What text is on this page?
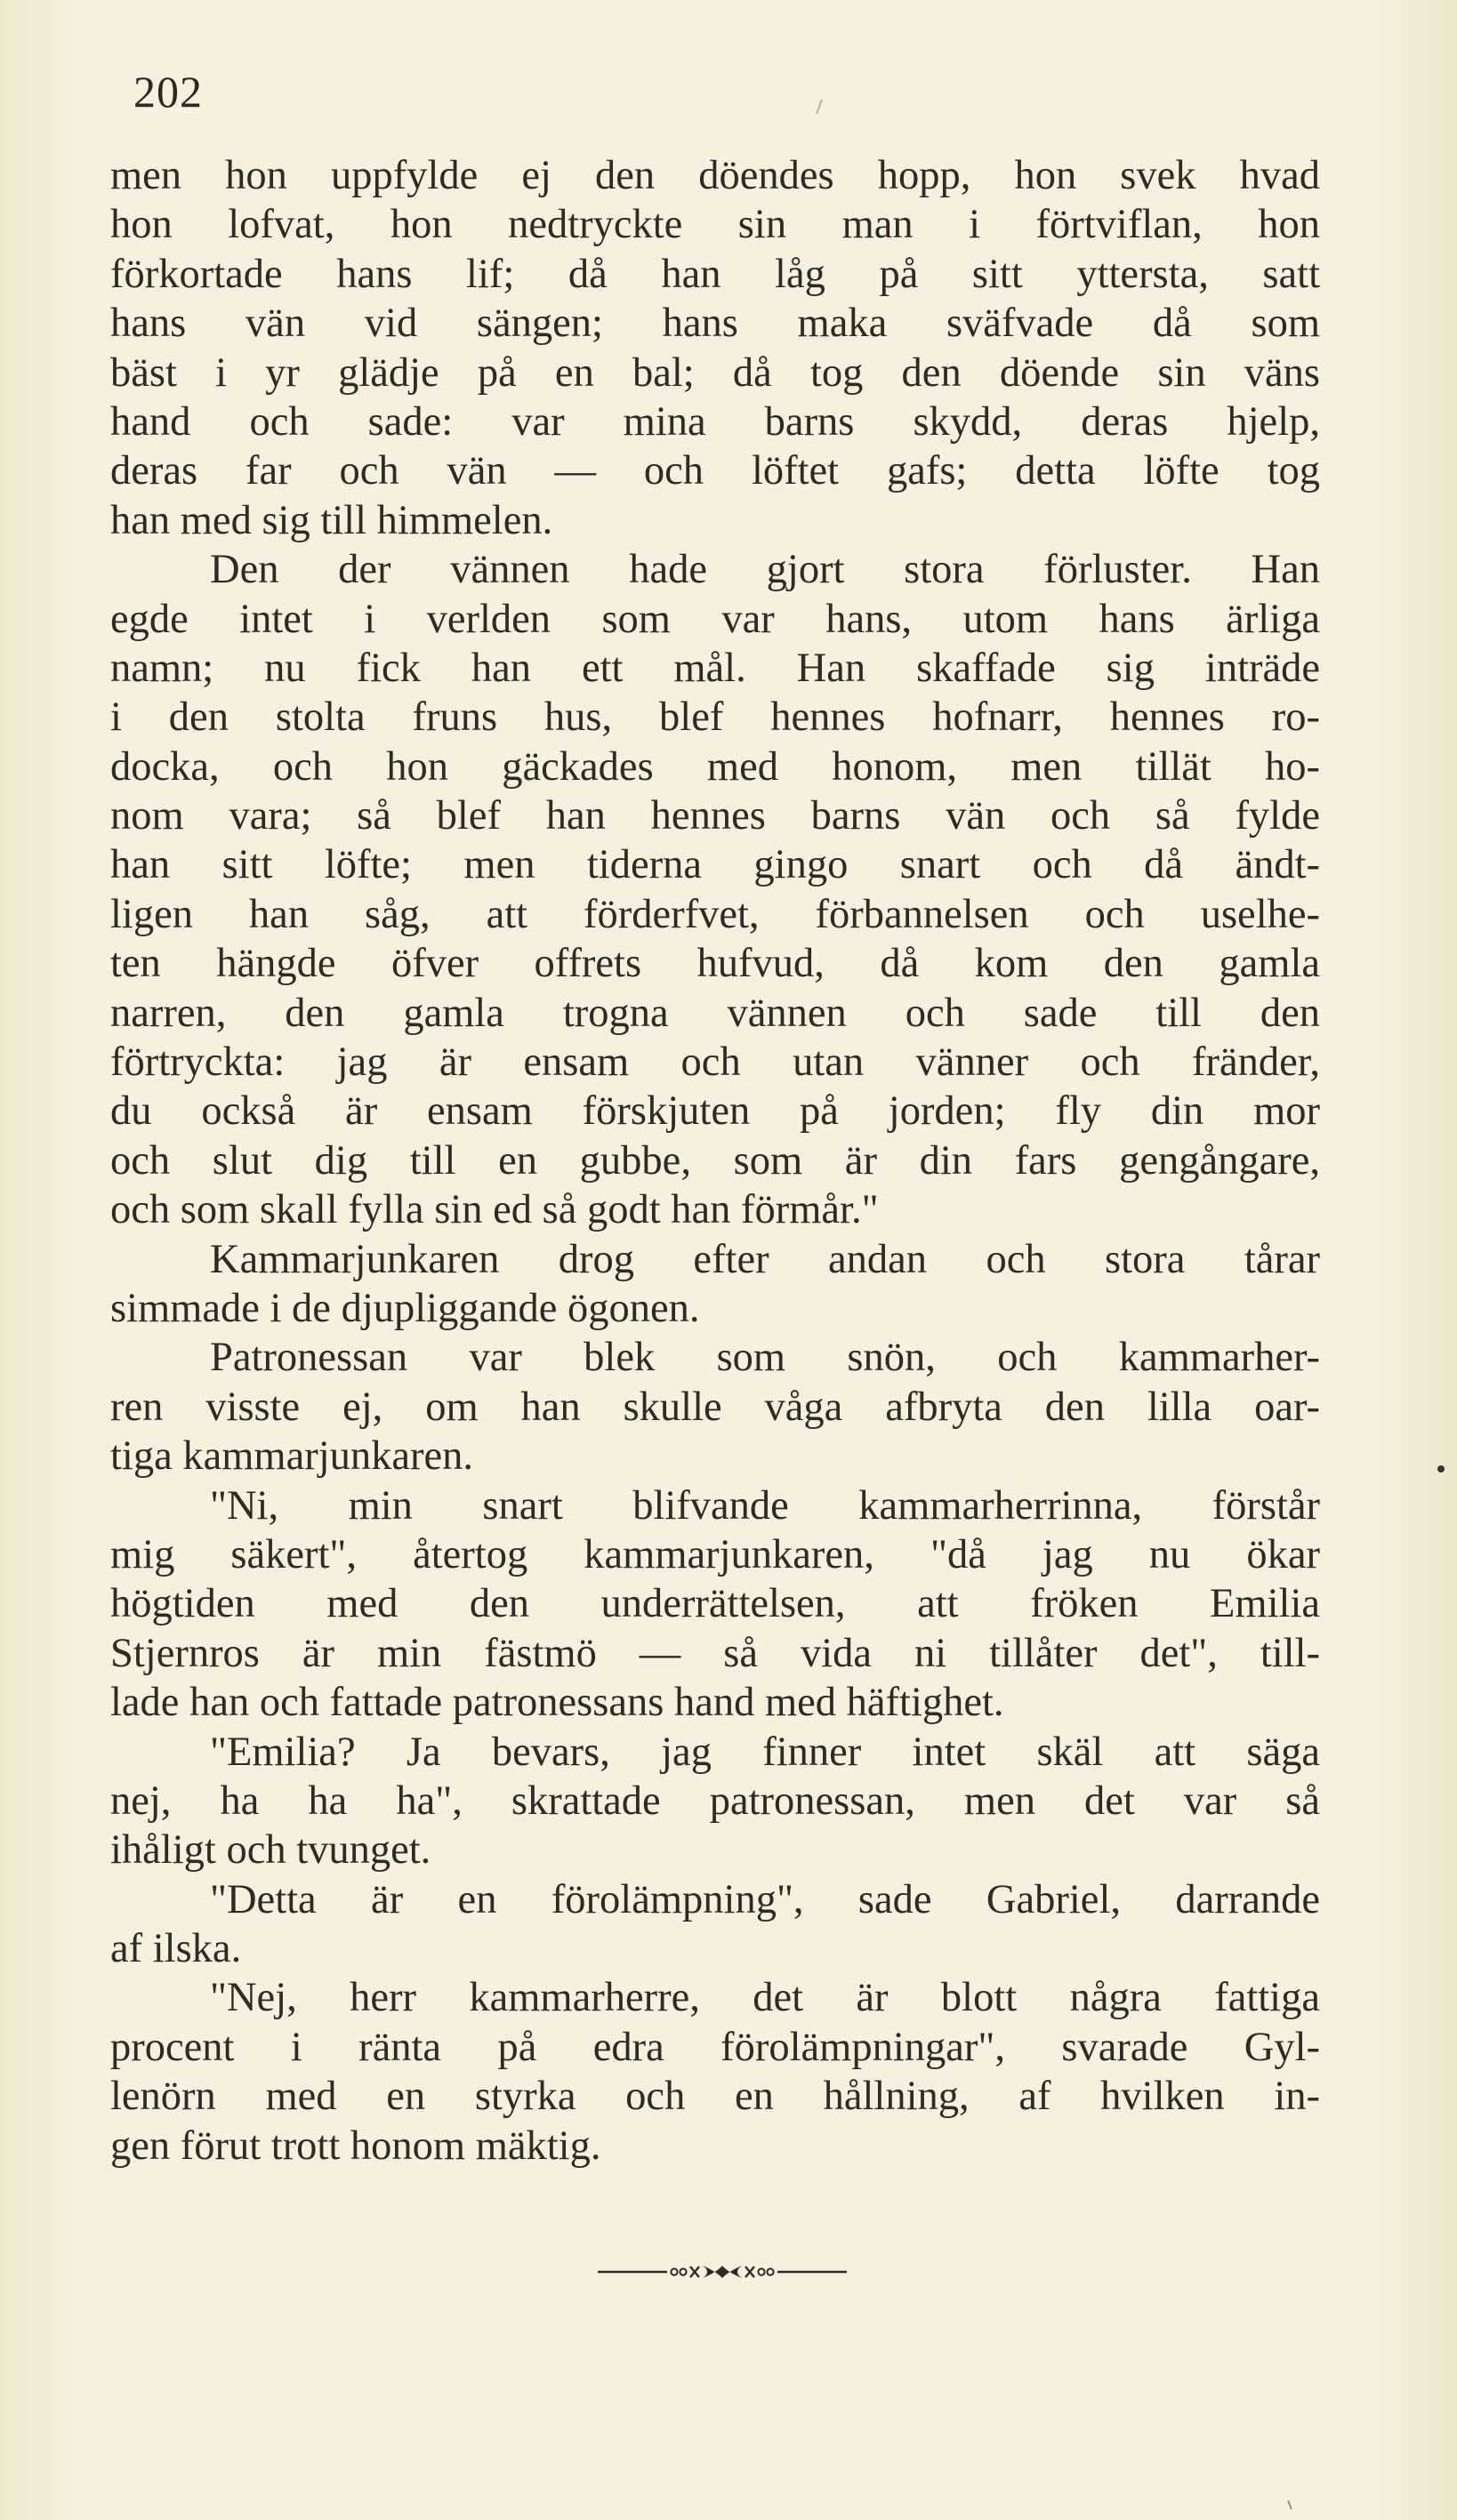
202
men hon uppfylde ej den döendes hopp, hon svek hvad
hon lofvat, hon nedtryckte sin man i förtviflan, hon
förkortade hans lif; då han låg på sitt yttersta, satt
hans vän vid sängen; hans maka sväfvade då som
bäst i yr glädje på en bal; då tog den döende sin väns
hand och sade: var mina barns skydd, deras hjelp,
deras far och vän — och löftet gafs; detta löfte tog
han med sig till himmelen.
Den der vännen hade gjort stora förluster. Han
egde intet i verlden som var hans, utom hans ärliga
namn; nu fick han ett mål. Han skaffade sig inträde
i den stolta fruns hus, blef hennes hofnarr, hennes ro-
docka, och hon gäckades med honom, men tillät ho-
nom vara; så blef han hennes barns vän och så fylde
han sitt löfte; men tiderna gingo snart och då ändt-
ligen han såg, att förderfvet, förbannelsen och uselhe-
ten hängde öfver offrets hufvud, då kom den gamla
narren, den gamla trogna vännen och sade till den
förtryckta: jag är ensam och utan vänner och fränder,
du också är ensam förskjuten på jorden; fly din mor
och slut dig till en gubbe, som är din fars gengångare,
och som skall fylla sin ed så godt han förmår."
Kammarjunkaren drog efter andan och stora tårar
simmade i de djupliggande ögonen.
Patronessan var blek som snön, och kammarher-
ren visste ej, om han skulle våga afbryta den lilla oar-
tiga kammarjunkaren.
"Ni, min snart blifvande kammarherrinna, förstår
mig säkert", återtog kammarjunkaren, "då jag nu ökar
högtiden med den underrättelsen, att fröken Emilia
Stjernros är min fästmö — så vida ni tillåter det", till-
lade han och fattade patronessans hand med häftighet.
"Emilia? Ja bevars, jag finner intet skäl att säga
nej, ha ha ha", skrattade patronessan, men det var så
ihåligt och tvunget.
"Detta är en förolämpning", sade Gabriel, darrande
af ilska.
"Nej, herr kammarherre, det är blott några fattiga
procent i ränta på edra förolämpningar", svarade Gyl-
lenörn med en styrka och en hållning, af hvilken in-
gen förut trott honom mäktig.
